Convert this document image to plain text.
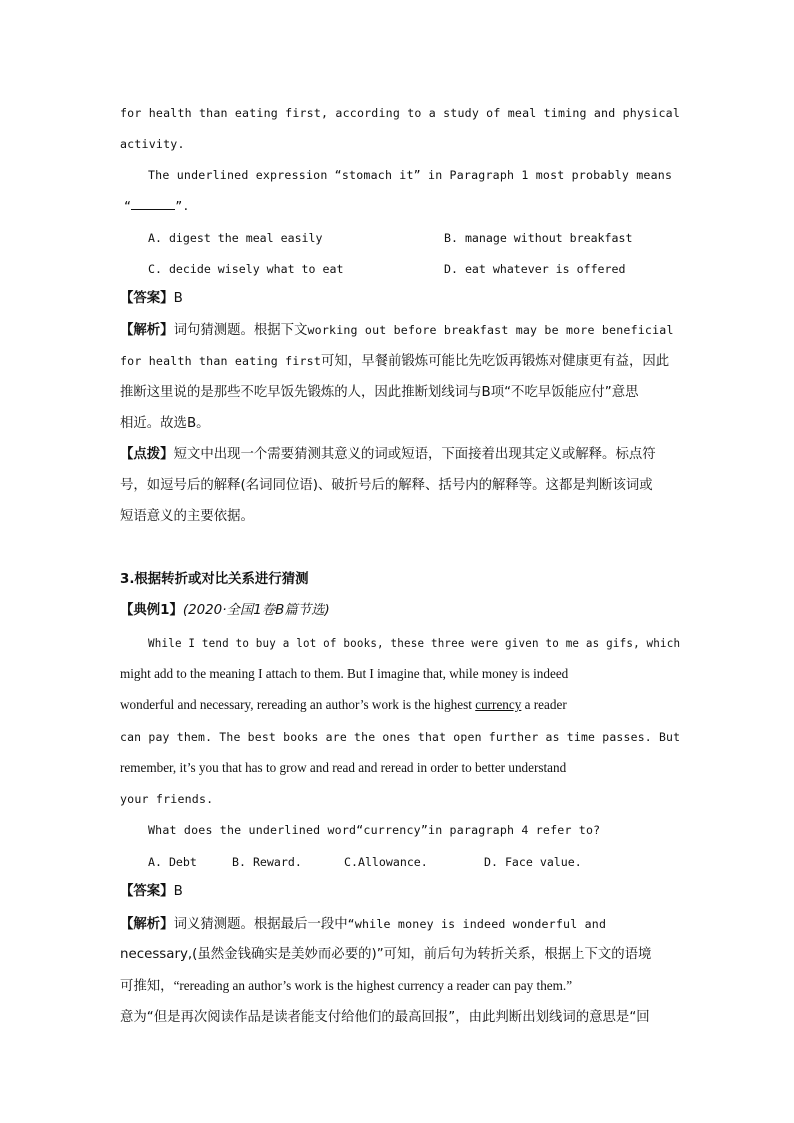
for health than eating first, according to a study of meal timing and physical
activity.
The underlined expression “stomach it” in Paragraph 1 most probably means
“	”.
A. digest the meal easily	B. manage without breakfast
C. decide wisely what to eat	D. eat whatever is offered
【答案】B
【解析】词句猜测题。根据下文working out before breakfast may be more beneficial
for health than eating first可知，早餐前锻炼可能比先吃饭再锻炼对健康更有益，因此
推断这里说的是那些不吃早饭先锻炼的人，因此推断划线词与B项“不吃早饭能应付”意思
相近。故选B。
【点拨】短文中出现一个需要猜测其意义的词或短语，下面接着出现其定义或解释。标点符
号，如逗号后的解释(名词同位语)、破折号后的解释、括号内的解释等。这都是判断该词或
短语意义的主要依据。
3.根据转折或对比关系进行猜测
【典例1】(2020·全国1卷B篇节选)
While I tend to buy a lot of books, these three were given to me as gifs, which
might add to the meaning I attach to them. But I imagine that, while money is indeed
wonderful and necessary, rereading an author’s work is the highest currency a reader
can pay them. The best books are the ones that open further as time passes. But
remember, it’s you that has to grow and read and reread in order to better understand
your friends.
What does the underlined word“currency”in paragraph 4 refer to?
A. Debt	B. Reward.	C.Allowance.	D. Face value.
【答案】B
【解析】词义猜测题。根据最后一段中“while money is indeed wonderful and
necessary,(虽然金钱确实是美妙而必要的)”可知，前后句为转折关系，根据上下文的语境
可推知，“rereading an author’s work is the highest currency a reader can pay them.”
意为“但是再次阅读作品是读者能支付给他们的最高回报”，由此判断出划线词的意思是“回
